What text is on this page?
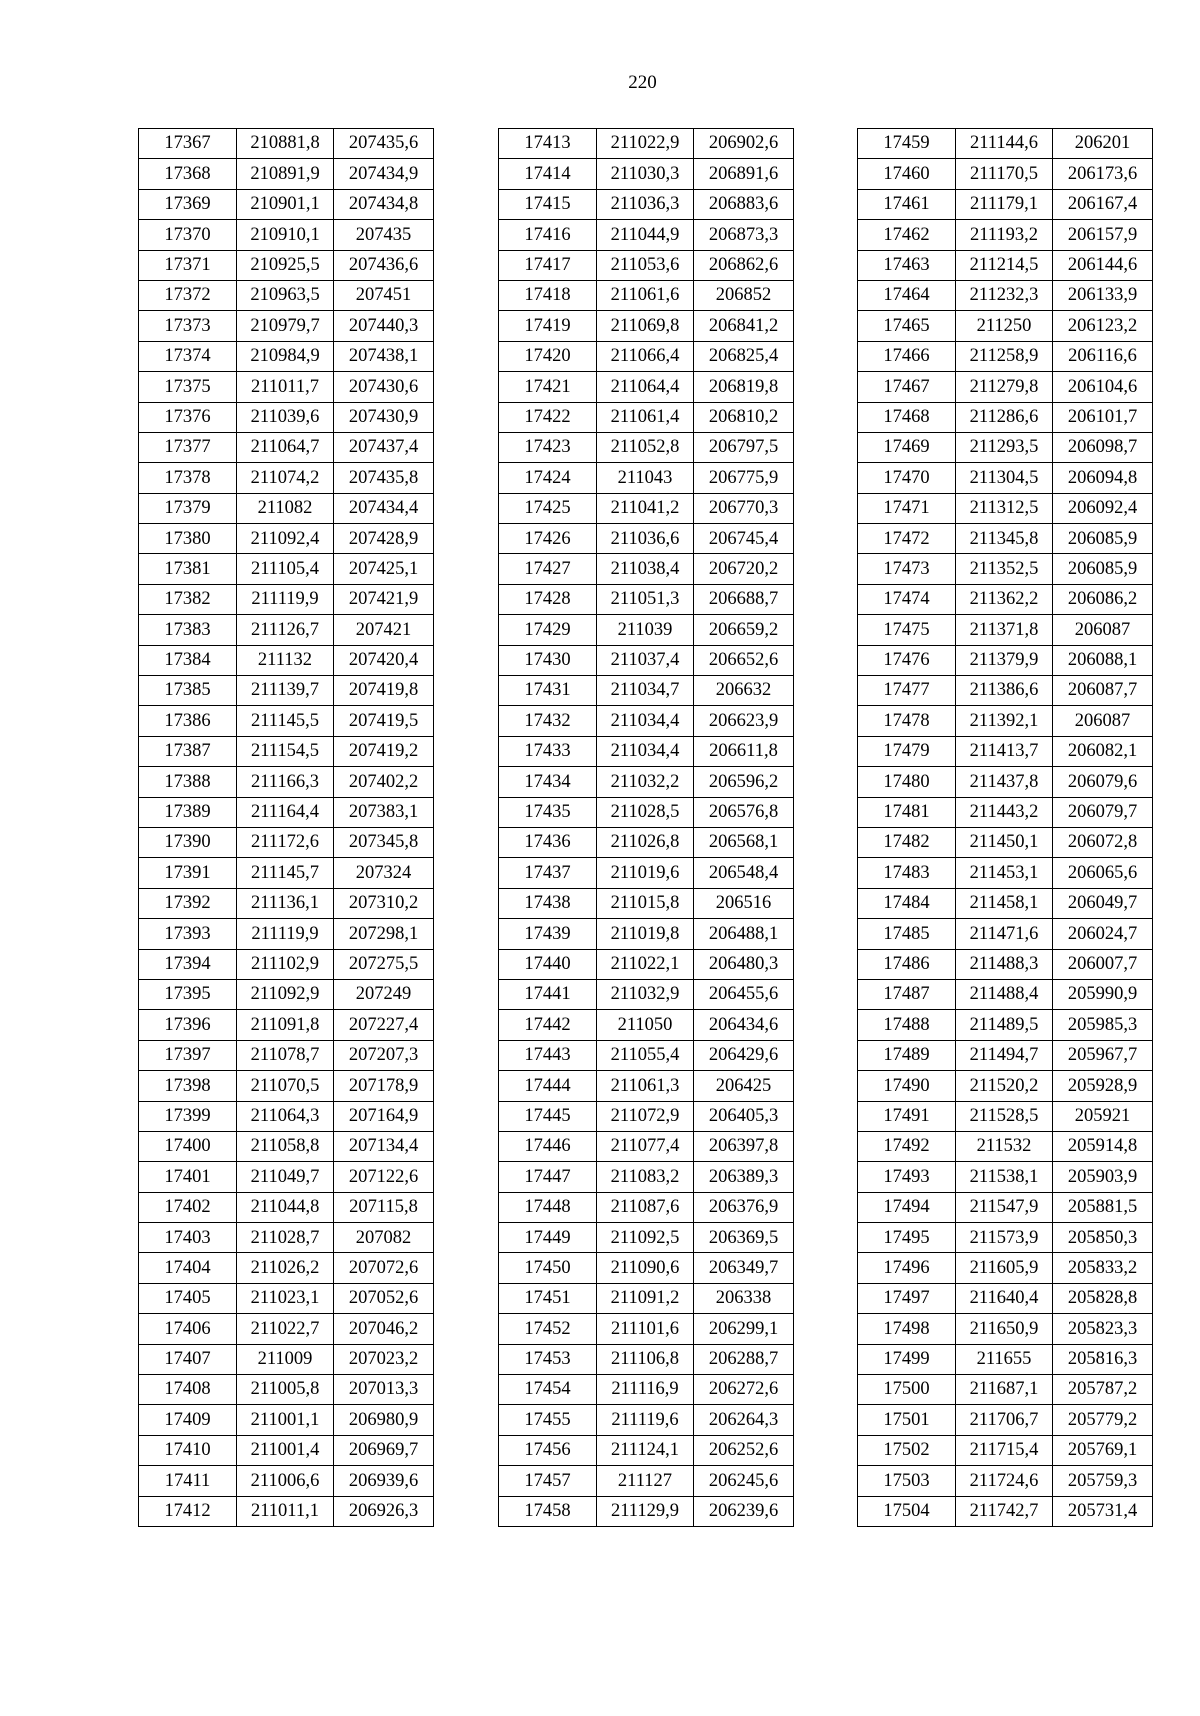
220
17367	210881,8	207435,6
17368	210891,9	207434,9
17369	210901,1	207434,8
17370	210910,1	207435
17371	210925,5	207436,6
17372	210963,5	207451
17373	210979,7	207440,3
17374	210984,9	207438,1
17375	211011,7	207430,6
17376	211039,6	207430,9
17377	211064,7	207437,4
17378	211074,2	207435,8
17379	211082	207434,4
17380	211092,4	207428,9
17381	211105,4	207425,1
17382	211119,9	207421,9
17383	211126,7	207421
17384	211132	207420,4
17385	211139,7	207419,8
17386	211145,5	207419,5
17387	211154,5	207419,2
17388	211166,3	207402,2
17389	211164,4	207383,1
17390	211172,6	207345,8
17391	211145,7	207324
17392	211136,1	207310,2
17393	211119,9	207298,1
17394	211102,9	207275,5
17395	211092,9	207249
17396	211091,8	207227,4
17397	211078,7	207207,3
17398	211070,5	207178,9
17399	211064,3	207164,9
17400	211058,8	207134,4
17401	211049,7	207122,6
17402	211044,8	207115,8
17403	211028,7	207082
17404	211026,2	207072,6
17405	211023,1	207052,6
17406	211022,7	207046,2
17407	211009	207023,2
17408	211005,8	207013,3
17409	211001,1	206980,9
17410	211001,4	206969,7
17411	211006,6	206939,6
17412	211011,1	206926,3
17413	211022,9	206902,6
17414	211030,3	206891,6
17415	211036,3	206883,6
17416	211044,9	206873,3
17417	211053,6	206862,6
17418	211061,6	206852
17419	211069,8	206841,2
17420	211066,4	206825,4
17421	211064,4	206819,8
17422	211061,4	206810,2
17423	211052,8	206797,5
17424	211043	206775,9
17425	211041,2	206770,3
17426	211036,6	206745,4
17427	211038,4	206720,2
17428	211051,3	206688,7
17429	211039	206659,2
17430	211037,4	206652,6
17431	211034,7	206632
17432	211034,4	206623,9
17433	211034,4	206611,8
17434	211032,2	206596,2
17435	211028,5	206576,8
17436	211026,8	206568,1
17437	211019,6	206548,4
17438	211015,8	206516
17439	211019,8	206488,1
17440	211022,1	206480,3
17441	211032,9	206455,6
17442	211050	206434,6
17443	211055,4	206429,6
17444	211061,3	206425
17445	211072,9	206405,3
17446	211077,4	206397,8
17447	211083,2	206389,3
17448	211087,6	206376,9
17449	211092,5	206369,5
17450	211090,6	206349,7
17451	211091,2	206338
17452	211101,6	206299,1
17453	211106,8	206288,7
17454	211116,9	206272,6
17455	211119,6	206264,3
17456	211124,1	206252,6
17457	211127	206245,6
17458	211129,9	206239,6
17459	211144,6	206201
17460	211170,5	206173,6
17461	211179,1	206167,4
17462	211193,2	206157,9
17463	211214,5	206144,6
17464	211232,3	206133,9
17465	211250	206123,2
17466	211258,9	206116,6
17467	211279,8	206104,6
17468	211286,6	206101,7
17469	211293,5	206098,7
17470	211304,5	206094,8
17471	211312,5	206092,4
17472	211345,8	206085,9
17473	211352,5	206085,9
17474	211362,2	206086,2
17475	211371,8	206087
17476	211379,9	206088,1
17477	211386,6	206087,7
17478	211392,1	206087
17479	211413,7	206082,1
17480	211437,8	206079,6
17481	211443,2	206079,7
17482	211450,1	206072,8
17483	211453,1	206065,6
17484	211458,1	206049,7
17485	211471,6	206024,7
17486	211488,3	206007,7
17487	211488,4	205990,9
17488	211489,5	205985,3
17489	211494,7	205967,7
17490	211520,2	205928,9
17491	211528,5	205921
17492	211532	205914,8
17493	211538,1	205903,9
17494	211547,9	205881,5
17495	211573,9	205850,3
17496	211605,9	205833,2
17497	211640,4	205828,8
17498	211650,9	205823,3
17499	211655	205816,3
17500	211687,1	205787,2
17501	211706,7	205779,2
17502	211715,4	205769,1
17503	211724,6	205759,3
17504	211742,7	205731,4
